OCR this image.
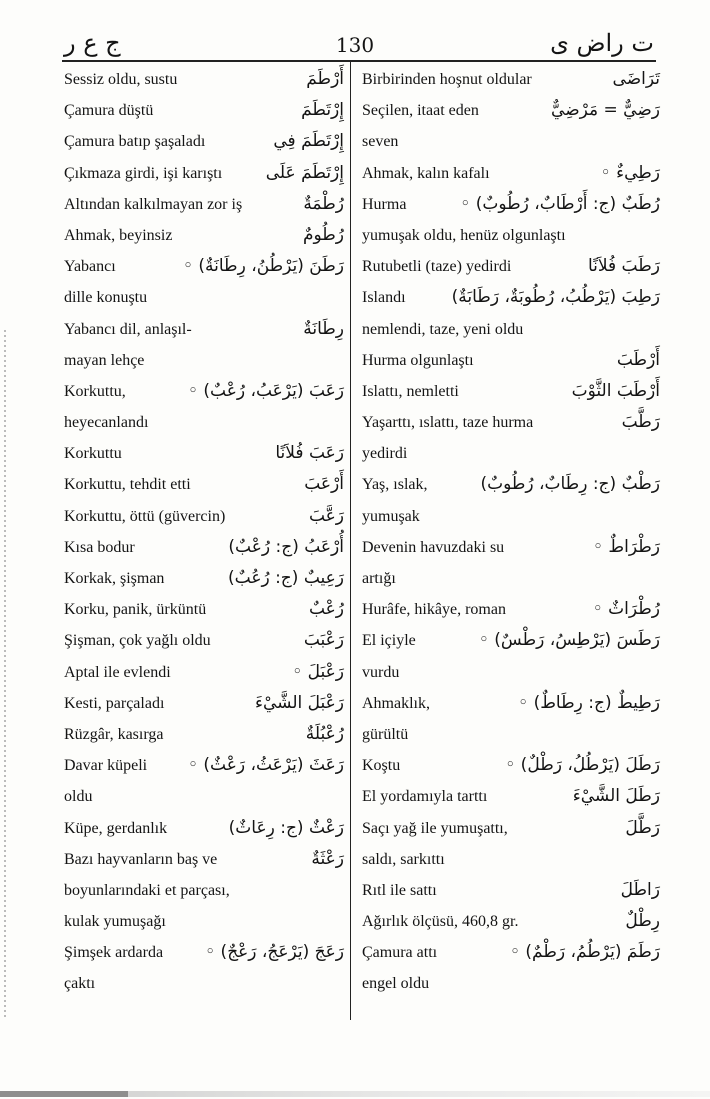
ج ع ر	130	ت راض ى
Sessiz oldu, sustu	أَرْطَمَ
Çamura düştü	إِرْتَطَمَ
Çamura batıp şaşaladı	إِرْتَطَمَ فِي
Çıkmaza girdi, işi karıştı	إِرْتَطَمَ عَلَى
Altından kalkılmayan zor iş	رُطْمَةٌ
Ahmak, beyinsiz	رُطُومٌ
Yabancı	رَطَنَ (يَرْطُنُ، رِطَانَةٌ) ◦
dille konuştu
Yabancı dil, anlaşıl-	رِطَانَةٌ
mayan lehçe
Korkuttu,	رَعَبَ (يَرْعَبُ، رُعْبٌ) ◦
heyecanlandı
Korkuttu	رَعَبَ فُلاَنًا
Korkuttu, tehdit etti	أَرْعَبَ
Korkuttu, öttü (güvercin)	رَعَّبَ
Kısa bodur	أُرْعَبُ (ج: رُعْبٌ)
Korkak, şişman	رَعِيبٌ (ج: رُعُبٌ)
Korku, panik, ürküntü	رُعْبٌ
Şişman, çok yağlı oldu	رَعْبَبَ
Aptal ile evlendi	رَعْبَلَ ◦
Kesti, parçaladı	رَعْبَلَ الشَّيْءَ
Rüzgâr, kasırga	رُعْبُلَةٌ
Davar küpeli رَعَثَ (يَرْعَثُ، رَعْثٌ) ◦
oldu
Küpe, gerdanlık	رَعْثٌ (ج: رِعَاثٌ)
Bazı hayvanların baş ve	رَعْثَةٌ
boyunlarındaki et parçası,
kulak yumuşağı
Şimşek ardarda رَعَجَ (يَرْعَجُ، رَعْجٌ) ◦
çaktı
Birbirinden hoşnut oldular	تَرَاضَى
Seçilen, itaat eden	رَضِيٌّ = مَرْضِيٌّ
seven
Ahmak, kalın kafalı	رَطِيءٌ ◦
Hurma	رُطَبٌ (ج: أَرْطَابٌ، رُطُوبٌ) ◦
yumuşak oldu, henüz olgunlaştı
Rutubetli (taze) yedirdi	رَطَبَ فُلاَنًا
Islandı	رَطِبَ (يَرْطُبُ، رُطُوبَةٌ، رَطَابَةٌ)
nemlendi, taze, yeni oldu
Hurma olgunlaştı	أَرْطَبَ
Islattı, nemletti	أَرْطَبَ الثَّوْبَ
Yaşarttı, ıslattı, taze hurma	رَطَّبَ
yedirdi
Yaş, ıslak,	رَطْبٌ (ج: رِطَابٌ، رُطُوبٌ)
yumuşak
Devenin havuzdaki su	رَطْرَاطٌ ◦
artığı
Hurâfe, hikâye, roman	رُطْرَاثٌ ◦
El içiyle	رَطَسَ (يَرْطِسُ، رَطْسٌ) ◦
vurdu
Ahmaklık,	رَطِيطٌ (ج: رِطَاطٌ) ◦
gürültü
Koştu	رَطَلَ (يَرْطُلُ، رَطْلٌ) ◦
El yordamıyla tarttı	رَطَلَ الشَّيْءَ
Saçı yağ ile yumuşattı,	رَطَّلَ
saldı, sarkıttı
Rıtl ile sattı	رَاطَلَ
Ağırlık ölçüsü, 460,8 gr.	رِطْلٌ
Çamura attı	رَطَمَ (يَرْطُمُ، رَطْمٌ) ◦
engel oldu
